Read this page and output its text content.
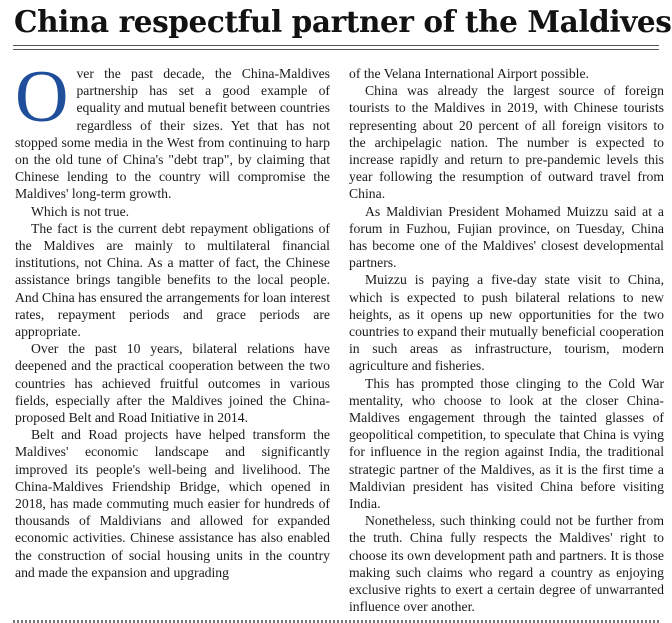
China respectful partner of the Maldives
O ver the past decade, the China-Maldives partnership has set a good example of equality and mutual benefit between countries regardless of their sizes. Yet that has not stopped some media in the West from continuing to harp on the old tune of China's "debt trap", by claiming that Chinese lending to the country will compromise the Maldives' long-term growth.

Which is not true.

The fact is the current debt repayment obligations of the Maldives are mainly to multilateral financial institutions, not China. As a matter of fact, the Chinese assistance brings tangible benefits to the local people. And China has ensured the arrangements for loan interest rates, repayment periods and grace periods are appropriate.

Over the past 10 years, bilateral relations have deepened and the practical cooperation between the two countries has achieved fruitful outcomes in various fields, especially after the Maldives joined the China-proposed Belt and Road Initiative in 2014.

Belt and Road projects have helped transform the Maldives' economic landscape and significantly improved its people's well-being and livelihood. The China-Maldives Friendship Bridge, which opened in 2018, has made commuting much easier for hundreds of thousands of Maldivians and allowed for expanded economic activities. Chinese assistance has also enabled the construction of social housing units in the country and made the expansion and upgrading

of the Velana International Airport possible.

China was already the largest source of foreign tourists to the Maldives in 2019, with Chinese tourists representing about 20 percent of all foreign visitors to the archipelagic nation. The number is expected to increase rapidly and return to pre-pandemic levels this year following the resumption of outward travel from China.

As Maldivian President Mohamed Muizzu said at a forum in Fuzhou, Fujian province, on Tuesday, China has become one of the Maldives' closest developmental partners.

Muizzu is paying a five-day state visit to China, which is expected to push bilateral relations to new heights, as it opens up new opportunities for the two countries to expand their mutually beneficial cooperation in such areas as infrastructure, tourism, modern agriculture and fisheries.

This has prompted those clinging to the Cold War mentality, who choose to look at the closer China-Maldives engagement through the tainted glasses of geopolitical competition, to speculate that China is vying for influence in the region against India, the traditional strategic partner of the Maldives, as it is the first time a Maldivian president has visited China before visiting India.

Nonetheless, such thinking could not be further from the truth. China fully respects the Maldives' right to choose its own development path and partners. It is those making such claims who regard a country as enjoying exclusive rights to exert a certain degree of unwarranted influence over another.
